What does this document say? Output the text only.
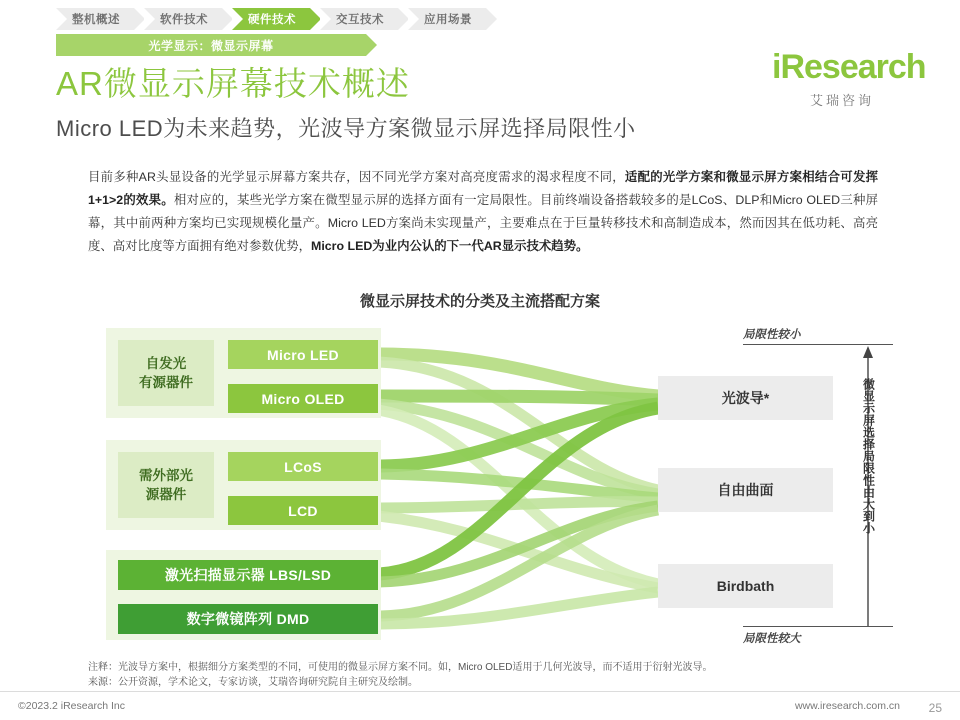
整机概述	软件技术	硬件技术	交互技术	应用场景
光学显示：微显示屏幕
iResearch
艾瑞咨询
AR微显示屏幕技术概述
Micro LED为未来趋势，光波导方案微显示屏选择局限性小
目前多种AR头显设备的光学显示屏幕方案共存，因不同光学方案对高亮度需求的渴求程度不同，适配的光学方案和微显示屏方案相结合可发挥1+1>2的效果。相对应的，某些光学方案在微型显示屏的选择方面有一定局限性。目前终端设备搭载较多的是LCoS、DLP和Micro OLED三种屏幕，其中前两种方案均已实现规模化量产。Micro LED方案尚未实现量产，主要难点在于巨量转移技术和高制造成本，然而因其在低功耗、高亮度、高对比度等方面拥有绝对参数优势，Micro LED为业内公认的下一代AR显示技术趋势。
微显示屏技术的分类及主流搭配方案
自发光
有源器件
需外部光
源器件
Micro LED
Micro OLED
LCoS
LCD
激光扫描显示器 LBS/LSD
数字微镜阵列 DMD
光波导*
自由曲面
Birdbath
局限性较小
局限性较大
微显示屏选择局限性由大到小
注释：光波导方案中，根据细分方案类型的不同，可使用的微显示屏方案不同。如，Micro OLED适用于几何光波导，而不适用于衍射光波导。
来源：公开资源，学术论文，专家访谈，艾瑞咨询研究院自主研究及绘制。
©2023.2 iResearch Inc	www.iresearch.com.cn 25
